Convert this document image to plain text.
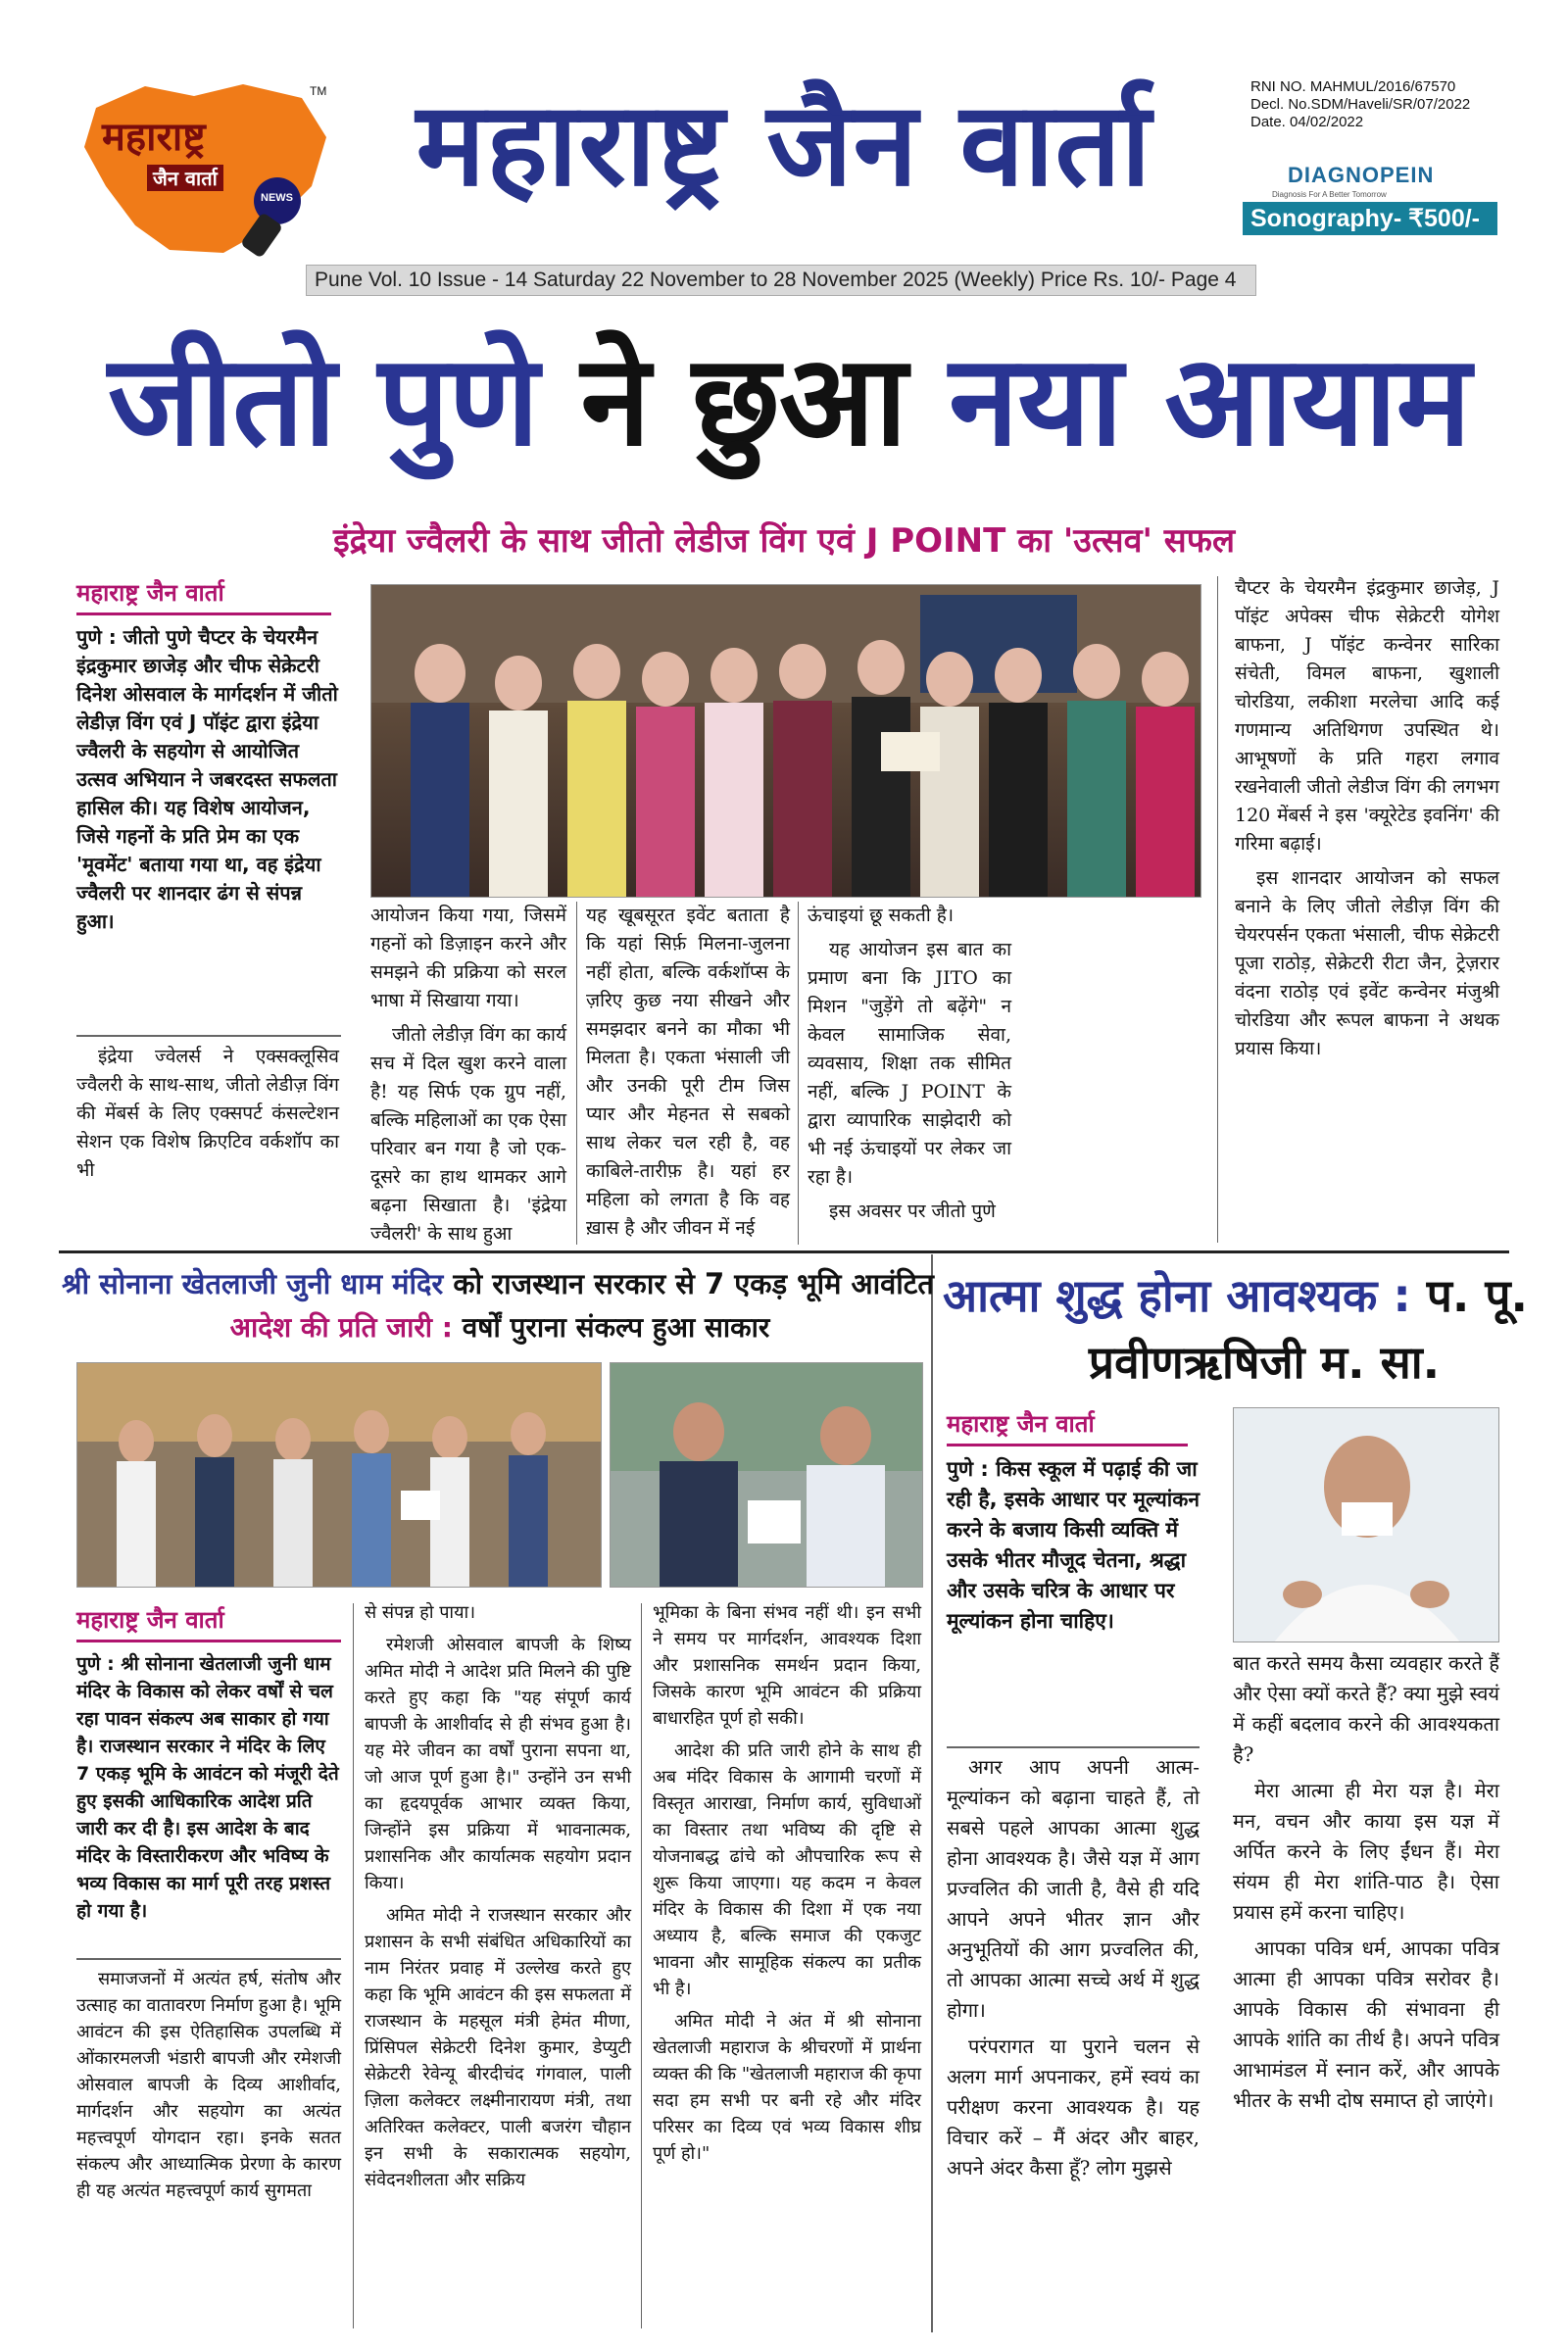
महाराष्ट्र
जैन वार्ता
TM
NEWS महाराष्ट्र जैन वार्ता	RNI NO. MAHMUL/2016/67570
Decl. No.SDM/Haveli/SR/07/2022
Date. 04/02/2022
DIAGNOPEIN
Diagnosis For A Better Tomorrow
Sonography- ₹500/-
Pune Vol. 10 Issue - 14 Saturday 22 November to 28 November 2025 (Weekly) Price Rs. 10/- Page 4
जीतो पुणे ने छुआ नया आयाम
इंद्रेया ज्वैलरी के साथ जीतो लेडीज विंग एवं J POINT का 'उत्सव' सफल
महाराष्ट्र जैन वार्ता
पुणे : जीतो पुणे चैप्टर के चेयरमैन इंद्रकुमार छाजेड़ और चीफ सेक्रेटरी दिनेश ओसवाल के मार्गदर्शन में जीतो लेडीज़ विंग एवं J पॉइंट द्वारा इंद्रेया ज्वैलरी के सहयोग से आयोजित उत्सव अभियान ने जबरदस्त सफलता हासिल की। यह विशेष आयोजन, जिसे गहनों के प्रति प्रेम का एक 'मूवमेंट' बताया गया था, वह इंद्रेया ज्वैलरी पर शानदार ढंग से संपन्न हुआ।

इंद्रेया ज्वेलर्स ने एक्सक्लूसिव ज्वैलरी के साथ-साथ, जीतो लेडीज़ विंग की मेंबर्स के लिए एक्सपर्ट कंसल्टेशन सेशन एक विशेष क्रिएटिव वर्कशॉप का भी

आयोजन किया गया, जिसमें गहनों को डिज़ाइन करने और समझने की प्रक्रिया को सरल भाषा में सिखाया गया।

जीतो लेडीज़ विंग का कार्य सच में दिल खुश करने वाला है! यह सिर्फ एक ग्रुप नहीं, बल्कि महिलाओं का एक ऐसा परिवार बन गया है जो एक-दूसरे का हाथ थामकर आगे बढ़ना सिखाता है। 'इंद्रेया ज्वैलरी' के साथ हुआ

यह खूबसूरत इवेंट बताता है कि यहां सिर्फ़ मिलना-जुलना नहीं होता, बल्कि वर्कशॉप्स के ज़रिए कुछ नया सीखने और समझदार बनने का मौका भी मिलता है। एकता भंसाली जी और उनकी पूरी टीम जिस प्यार और मेहनत से सबको साथ लेकर चल रही है, वह काबिले-तारीफ़ है। यहां हर महिला को लगता है कि वह ख़ास है और जीवन में नई

ऊंचाइयां छू सकती है।

यह आयोजन इस बात का प्रमाण बना कि JITO का मिशन "जुड़ेंगे तो बढ़ेंगे" न केवल सामाजिक सेवा, व्यवसाय, शिक्षा तक सीमित नहीं, बल्कि J POINT के द्वारा व्यापारिक साझेदारी को भी नई ऊंचाइयों पर लेकर जा रहा है।

इस अवसर पर जीतो पुणे

चैप्टर के चेयरमैन इंद्रकुमार छाजेड़, J पॉइंट अपेक्स चीफ सेक्रेटरी योगेश बाफना, J पॉइंट कन्वेनर सारिका संचेती, विमल बाफना, खुशाली चोरडिया, लकीशा मरलेचा आदि कई गणमान्य अतिथिगण उपस्थित थे। आभूषणों के प्रति गहरा लगाव रखनेवाली जीतो लेडीज विंग की लगभग 120 मेंबर्स ने इस 'क्यूरेटेड इवनिंग' की गरिमा बढ़ाई।

इस शानदार आयोजन को सफल बनाने के लिए जीतो लेडीज़ विंग की चेयरपर्सन एकता भंसाली, चीफ सेक्रेटरी पूजा राठोड़, सेक्रेटरी रीटा जैन, ट्रेज़रार वंदना राठोड़ एवं इवेंट कन्वेनर मंजुश्री चोरडिया और रूपल बाफना ने अथक प्रयास किया।

श्री सोनाना खेतलाजी जुनी धाम मंदिर को राजस्थान सरकार से 7 एकड़ भूमि आवंटित
आदेश की प्रति जारी : वर्षों पुराना संकल्प हुआ साकार
महाराष्ट्र जैन वार्ता
पुणे : श्री सोनाना खेतलाजी जुनी धाम मंदिर के विकास को लेकर वर्षों से चल रहा पावन संकल्प अब साकार हो गया है। राजस्थान सरकार ने मंदिर के लिए 7 एकड़ भूमि के आवंटन को मंजूरी देते हुए इसकी आधिकारिक आदेश प्रति जारी कर दी है। इस आदेश के बाद मंदिर के विस्तारीकरण और भविष्य के भव्य विकास का मार्ग पूरी तरह प्रशस्त हो गया है।

समाजजनों में अत्यंत हर्ष, संतोष और उत्साह का वातावरण निर्माण हुआ है। भूमि आवंटन की इस ऐतिहासिक उपलब्धि में ओंकारमलजी भंडारी बापजी और रमेशजी ओसवाल बापजी के दिव्य आशीर्वाद, मार्गदर्शन और सहयोग का अत्यंत महत्त्वपूर्ण योगदान रहा। इनके सतत संकल्प और आध्यात्मिक प्रेरणा के कारण ही यह अत्यंत महत्त्वपूर्ण कार्य सुगमता

से संपन्न हो पाया।

रमेशजी ओसवाल बापजी के शिष्य अमित मोदी ने आदेश प्रति मिलने की पुष्टि करते हुए कहा कि "यह संपूर्ण कार्य बापजी के आशीर्वाद से ही संभव हुआ है। यह मेरे जीवन का वर्षों पुराना सपना था, जो आज पूर्ण हुआ है।" उन्होंने उन सभी का हृदयपूर्वक आभार व्यक्त किया, जिन्होंने इस प्रक्रिया में भावनात्मक, प्रशासनिक और कार्यात्मक सहयोग प्रदान किया।

अमित मोदी ने राजस्थान सरकार और प्रशासन के सभी संबंधित अधिकारियों का नाम निरंतर प्रवाह में उल्लेख करते हुए कहा कि भूमि आवंटन की इस सफलता में राजस्थान के महसूल मंत्री हेमंत मीणा, प्रिंसिपल सेक्रेटरी दिनेश कुमार, डेप्युटी सेक्रेटरी रेवेन्यू बीरदीचंद गंगवाल, पाली ज़िला कलेक्टर लक्ष्मीनारायण मंत्री, तथा अतिरिक्त कलेक्टर, पाली बजरंग चौहान इन सभी के सकारात्मक सहयोग, संवेदनशीलता और सक्रिय

भूमिका के बिना संभव नहीं थी। इन सभी ने समय पर मार्गदर्शन, आवश्यक दिशा और प्रशासनिक समर्थन प्रदान किया, जिसके कारण भूमि आवंटन की प्रक्रिया बाधारहित पूर्ण हो सकी।

आदेश की प्रति जारी होने के साथ ही अब मंदिर विकास के आगामी चरणों में विस्तृत आराखा, निर्माण कार्य, सुविधाओं का विस्तार तथा भविष्य की दृष्टि से योजनाबद्ध ढांचे को औपचारिक रूप से शुरू किया जाएगा। यह कदम न केवल मंदिर के विकास की दिशा में एक नया अध्याय है, बल्कि समाज की एकजुट भावना और सामूहिक संकल्प का प्रतीक भी है।

अमित मोदी ने अंत में श्री सोनाना खेतलाजी महाराज के श्रीचरणों में प्रार्थना व्यक्त की कि "खेतलाजी महाराज की कृपा सदा हम सभी पर बनी रहे और मंदिर परिसर का दिव्य एवं भव्य विकास शीघ्र पूर्ण हो।"

आत्मा शुद्ध होना आवश्यक : प. पू.
प्रवीणऋषिजी म. सा.
महाराष्ट्र जैन वार्ता
पुणे : किस स्कूल में पढ़ाई की जा रही है, इसके आधार पर मूल्यांकन करने के बजाय किसी व्यक्ति में उसके भीतर मौजूद चेतना, श्रद्धा और उसके चरित्र के आधार पर मूल्यांकन होना चाहिए।

अगर आप अपनी आत्म-मूल्यांकन को बढ़ाना चाहते हैं, तो सबसे पहले आपका आत्मा शुद्ध होना आवश्यक है। जैसे यज्ञ में आग प्रज्वलित की जाती है, वैसे ही यदि आपने अपने भीतर ज्ञान और अनुभूतियों की आग प्रज्वलित की, तो आपका आत्मा सच्चे अर्थ में शुद्ध होगा।

परंपरागत या पुराने चलन से अलग मार्ग अपनाकर, हमें स्वयं का परीक्षण करना आवश्यक है। यह विचार करें – मैं अंदर और बाहर, अपने अंदर कैसा हूँ? लोग मुझसे

बात करते समय कैसा व्यवहार करते हैं और ऐसा क्यों करते हैं? क्या मुझे स्वयं में कहीं बदलाव करने की आवश्यकता है?

मेरा आत्मा ही मेरा यज्ञ है। मेरा मन, वचन और काया इस यज्ञ में अर्पित करने के लिए ईंधन हैं। मेरा संयम ही मेरा शांति-पाठ है। ऐसा प्रयास हमें करना चाहिए।

आपका पवित्र धर्म, आपका पवित्र आत्मा ही आपका पवित्र सरोवर है। आपके विकास की संभावना ही आपके शांति का तीर्थ है। अपने पवित्र आभामंडल में स्नान करें, और आपके भीतर के सभी दोष समाप्त हो जाएंगे।
